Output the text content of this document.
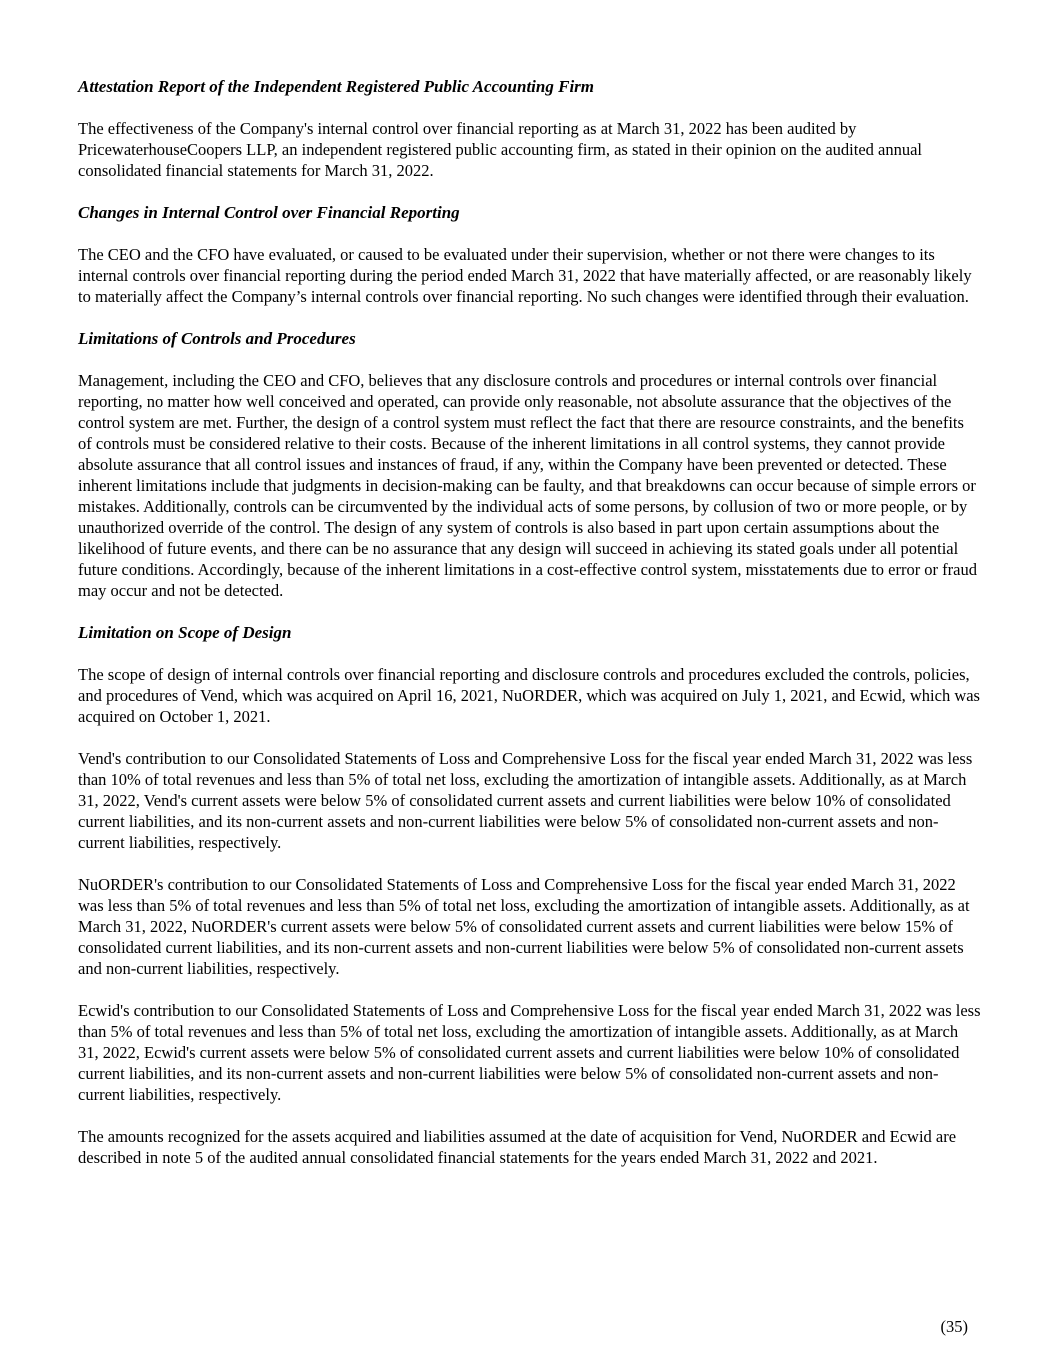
Attestation Report of the Independent Registered Public Accounting Firm

The effectiveness of the Company's internal control over financial reporting as at March 31, 2022 has been audited by PricewaterhouseCoopers LLP, an independent registered public accounting firm, as stated in their opinion on the audited annual consolidated financial statements for March 31, 2022.

Changes in Internal Control over Financial Reporting

The CEO and the CFO have evaluated, or caused to be evaluated under their supervision, whether or not there were changes to its internal controls over financial reporting during the period ended March 31, 2022 that have materially affected, or are reasonably likely to materially affect the Company’s internal controls over financial reporting. No such changes were identified through their evaluation.

Limitations of Controls and Procedures

Management, including the CEO and CFO, believes that any disclosure controls and procedures or internal controls over financial reporting, no matter how well conceived and operated, can provide only reasonable, not absolute assurance that the objectives of the control system are met. Further, the design of a control system must reflect the fact that there are resource constraints, and the benefits of controls must be considered relative to their costs. Because of the inherent limitations in all control systems, they cannot provide absolute assurance that all control issues and instances of fraud, if any, within the Company have been prevented or detected. These inherent limitations include that judgments in decision-making can be faulty, and that breakdowns can occur because of simple errors or mistakes. Additionally, controls can be circumvented by the individual acts of some persons, by collusion of two or more people, or by unauthorized override of the control. The design of any system of controls is also based in part upon certain assumptions about the likelihood of future events, and there can be no assurance that any design will succeed in achieving its stated goals under all potential future conditions. Accordingly, because of the inherent limitations in a cost-effective control system, misstatements due to error or fraud may occur and not be detected.

Limitation on Scope of Design

The scope of design of internal controls over financial reporting and disclosure controls and procedures excluded the controls, policies, and procedures of Vend, which was acquired on April 16, 2021, NuORDER, which was acquired on July 1, 2021, and Ecwid, which was acquired on October 1, 2021.

Vend's contribution to our Consolidated Statements of Loss and Comprehensive Loss for the fiscal year ended March 31, 2022 was less than 10% of total revenues and less than 5% of total net loss, excluding the amortization of intangible assets. Additionally, as at March 31, 2022, Vend's current assets were below 5% of consolidated current assets and current liabilities were below 10% of consolidated current liabilities, and its non-current assets and non-current liabilities were below 5% of consolidated non-current assets and non-current liabilities, respectively.

NuORDER's contribution to our Consolidated Statements of Loss and Comprehensive Loss for the fiscal year ended March 31, 2022 was less than 5% of total revenues and less than 5% of total net loss, excluding the amortization of intangible assets. Additionally, as at March 31, 2022, NuORDER's current assets were below 5% of consolidated current assets and current liabilities were below 15% of consolidated current liabilities, and its non-current assets and non-current liabilities were below 5% of consolidated non-current assets and non-current liabilities, respectively.

Ecwid's contribution to our Consolidated Statements of Loss and Comprehensive Loss for the fiscal year ended March 31, 2022 was less than 5% of total revenues and less than 5% of total net loss, excluding the amortization of intangible assets. Additionally, as at March 31, 2022, Ecwid's current assets were below 5% of consolidated current assets and current liabilities were below 10% of consolidated current liabilities, and its non-current assets and non-current liabilities were below 5% of consolidated non-current assets and non-current liabilities, respectively.

The amounts recognized for the assets acquired and liabilities assumed at the date of acquisition for Vend, NuORDER and Ecwid are described in note 5 of the audited annual consolidated financial statements for the years ended March 31, 2022 and 2021.

(35)
